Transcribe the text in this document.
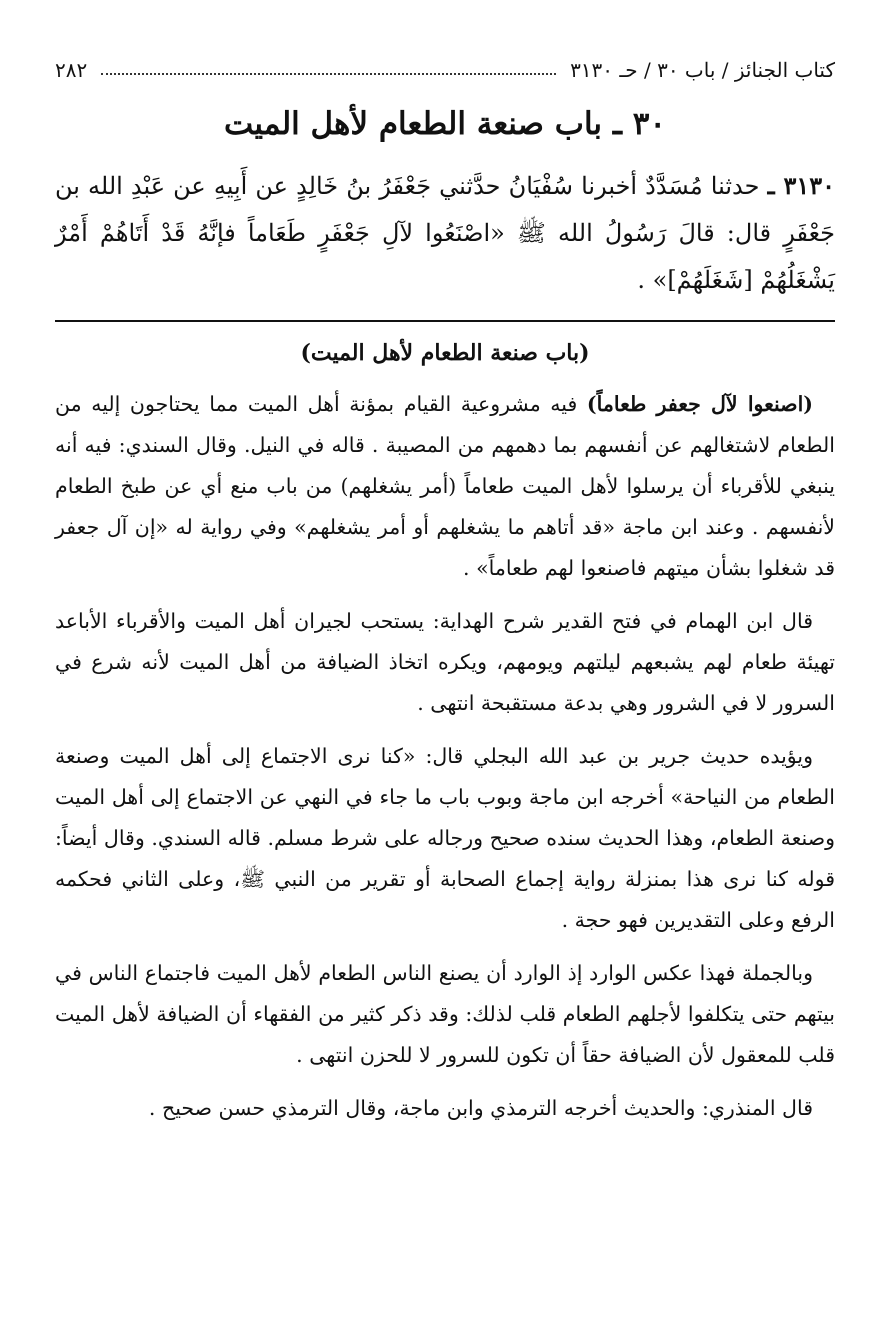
كتاب الجنائز / باب ٣٠ / حـ ٣١٣٠
٢٨٢
٣٠ ـ باب صنعة الطعام لأهل الميت
٣١٣٠ ـ حدثنا مُسَدَّدٌ أخبرنا سُفْيَانُ حدَّثني جَعْفَرُ بنُ خَالِدٍ عن أَبِيهِ عن عَبْدِ الله بن جَعْفَرٍ قال: قالَ رَسُولُ الله ﷺ «اصْنَعُوا لآلِ جَعْفَرٍ طَعَاماً فإنَّهُ قَدْ أَتَاهُمْ أَمْرٌ يَشْغَلُهُمْ [شَغَلَهُمْ]» .
(باب صنعة الطعام لأهل الميت)

(اصنعوا لآل جعفر طعاماً) فيه مشروعية القيام بمؤنة أهل الميت مما يحتاجون إليه من الطعام لاشتغالهم عن أنفسهم بما دهمهم من المصيبة . قاله في النيل. وقال السندي: فيه أنه ينبغي للأقرباء أن يرسلوا لأهل الميت طعاماً (أمر يشغلهم) من باب منع أي عن طبخ الطعام لأنفسهم . وعند ابن ماجة «قد أتاهم ما يشغلهم أو أمر يشغلهم» وفي رواية له «إن آل جعفر قد شغلوا بشأن ميتهم فاصنعوا لهم طعاماً» .

قال ابن الهمام في فتح القدير شرح الهداية: يستحب لجيران أهل الميت والأقرباء الأباعد تهيئة طعام لهم يشبعهم ليلتهم ويومهم، ويكره اتخاذ الضيافة من أهل الميت لأنه شرع في السرور لا في الشرور وهي بدعة مستقبحة انتهى .

ويؤيده حديث جرير بن عبد الله البجلي قال: «كنا نرى الاجتماع إلى أهل الميت وصنعة الطعام من النياحة» أخرجه ابن ماجة وبوب باب ما جاء في النهي عن الاجتماع إلى أهل الميت وصنعة الطعام، وهذا الحديث سنده صحيح ورجاله على شرط مسلم. قاله السندي. وقال أيضاً: قوله كنا نرى هذا بمنزلة رواية إجماع الصحابة أو تقرير من النبي ﷺ، وعلى الثاني فحكمه الرفع وعلى التقديرين فهو حجة .

وبالجملة فهذا عكس الوارد إذ الوارد أن يصنع الناس الطعام لأهل الميت فاجتماع الناس في بيتهم حتى يتكلفوا لأجلهم الطعام قلب لذلك: وقد ذكر كثير من الفقهاء أن الضيافة لأهل الميت قلب للمعقول لأن الضيافة حقاً أن تكون للسرور لا للحزن انتهى .

قال المنذري: والحديث أخرجه الترمذي وابن ماجة، وقال الترمذي حسن صحيح .
